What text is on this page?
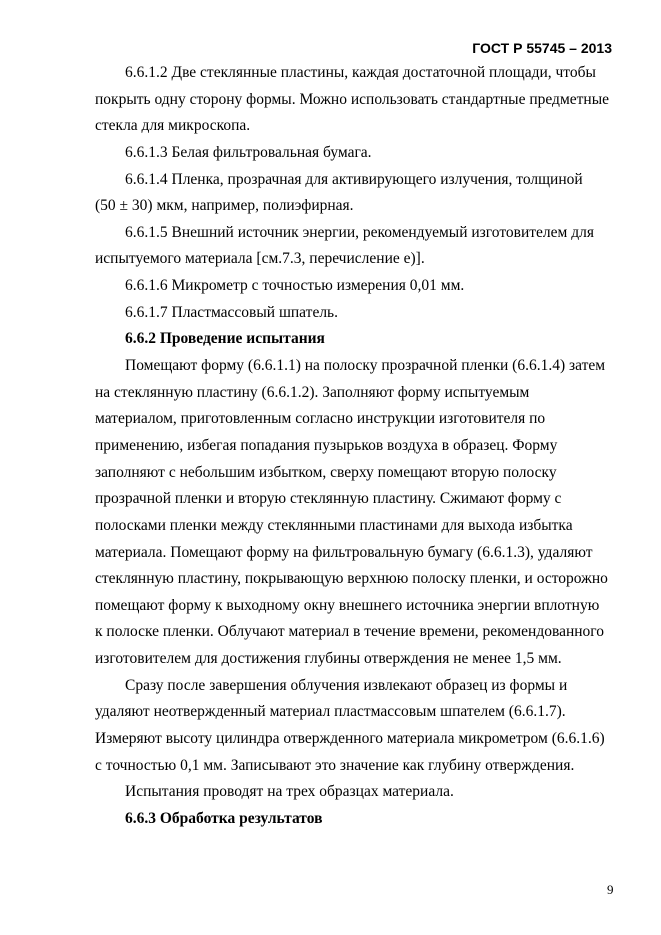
ГОСТ Р 55745 – 2013
6.6.1.2 Две стеклянные пластины, каждая достаточной площади, чтобы
покрыть одну сторону формы. Можно использовать стандартные предметные
стекла для микроскопа.
6.6.1.3 Белая фильтровальная бумага.
6.6.1.4 Пленка, прозрачная для активирующего излучения, толщиной
(50 ± 30) мкм, например, полиэфирная.
6.6.1.5 Внешний источник энергии, рекомендуемый изготовителем для
испытуемого материала [см.7.3, перечисление е)].
6.6.1.6 Микрометр с точностью измерения 0,01 мм.
6.6.1.7 Пластмассовый шпатель.
6.6.2 Проведение испытания
Помещают форму (6.6.1.1) на полоску прозрачной пленки (6.6.1.4) затем
на стеклянную пластину (6.6.1.2). Заполняют форму испытуемым
материалом, приготовленным согласно инструкции изготовителя по
применению, избегая попадания пузырьков воздуха в образец. Форму
заполняют с небольшим избытком, сверху помещают вторую полоску
прозрачной пленки и вторую стеклянную пластину. Сжимают форму с
полосками пленки между стеклянными пластинами для выхода избытка
материала. Помещают форму на фильтровальную бумагу (6.6.1.3), удаляют
стеклянную пластину, покрывающую верхнюю полоску пленки, и осторожно
помещают форму к выходному окну внешнего источника энергии вплотную
к полоске пленки. Облучают материал в течение времени, рекомендованного
изготовителем для достижения глубины отверждения не менее 1,5 мм.
Сразу после завершения облучения извлекают образец из формы и
удаляют неотвержденный материал пластмассовым шпателем (6.6.1.7).
Измеряют высоту цилиндра отвержденного материала микрометром (6.6.1.6)
с точностью 0,1 мм. Записывают это значение как глубину отверждения.
Испытания проводят на трех образцах материала.
6.6.3 Обработка результатов
9
